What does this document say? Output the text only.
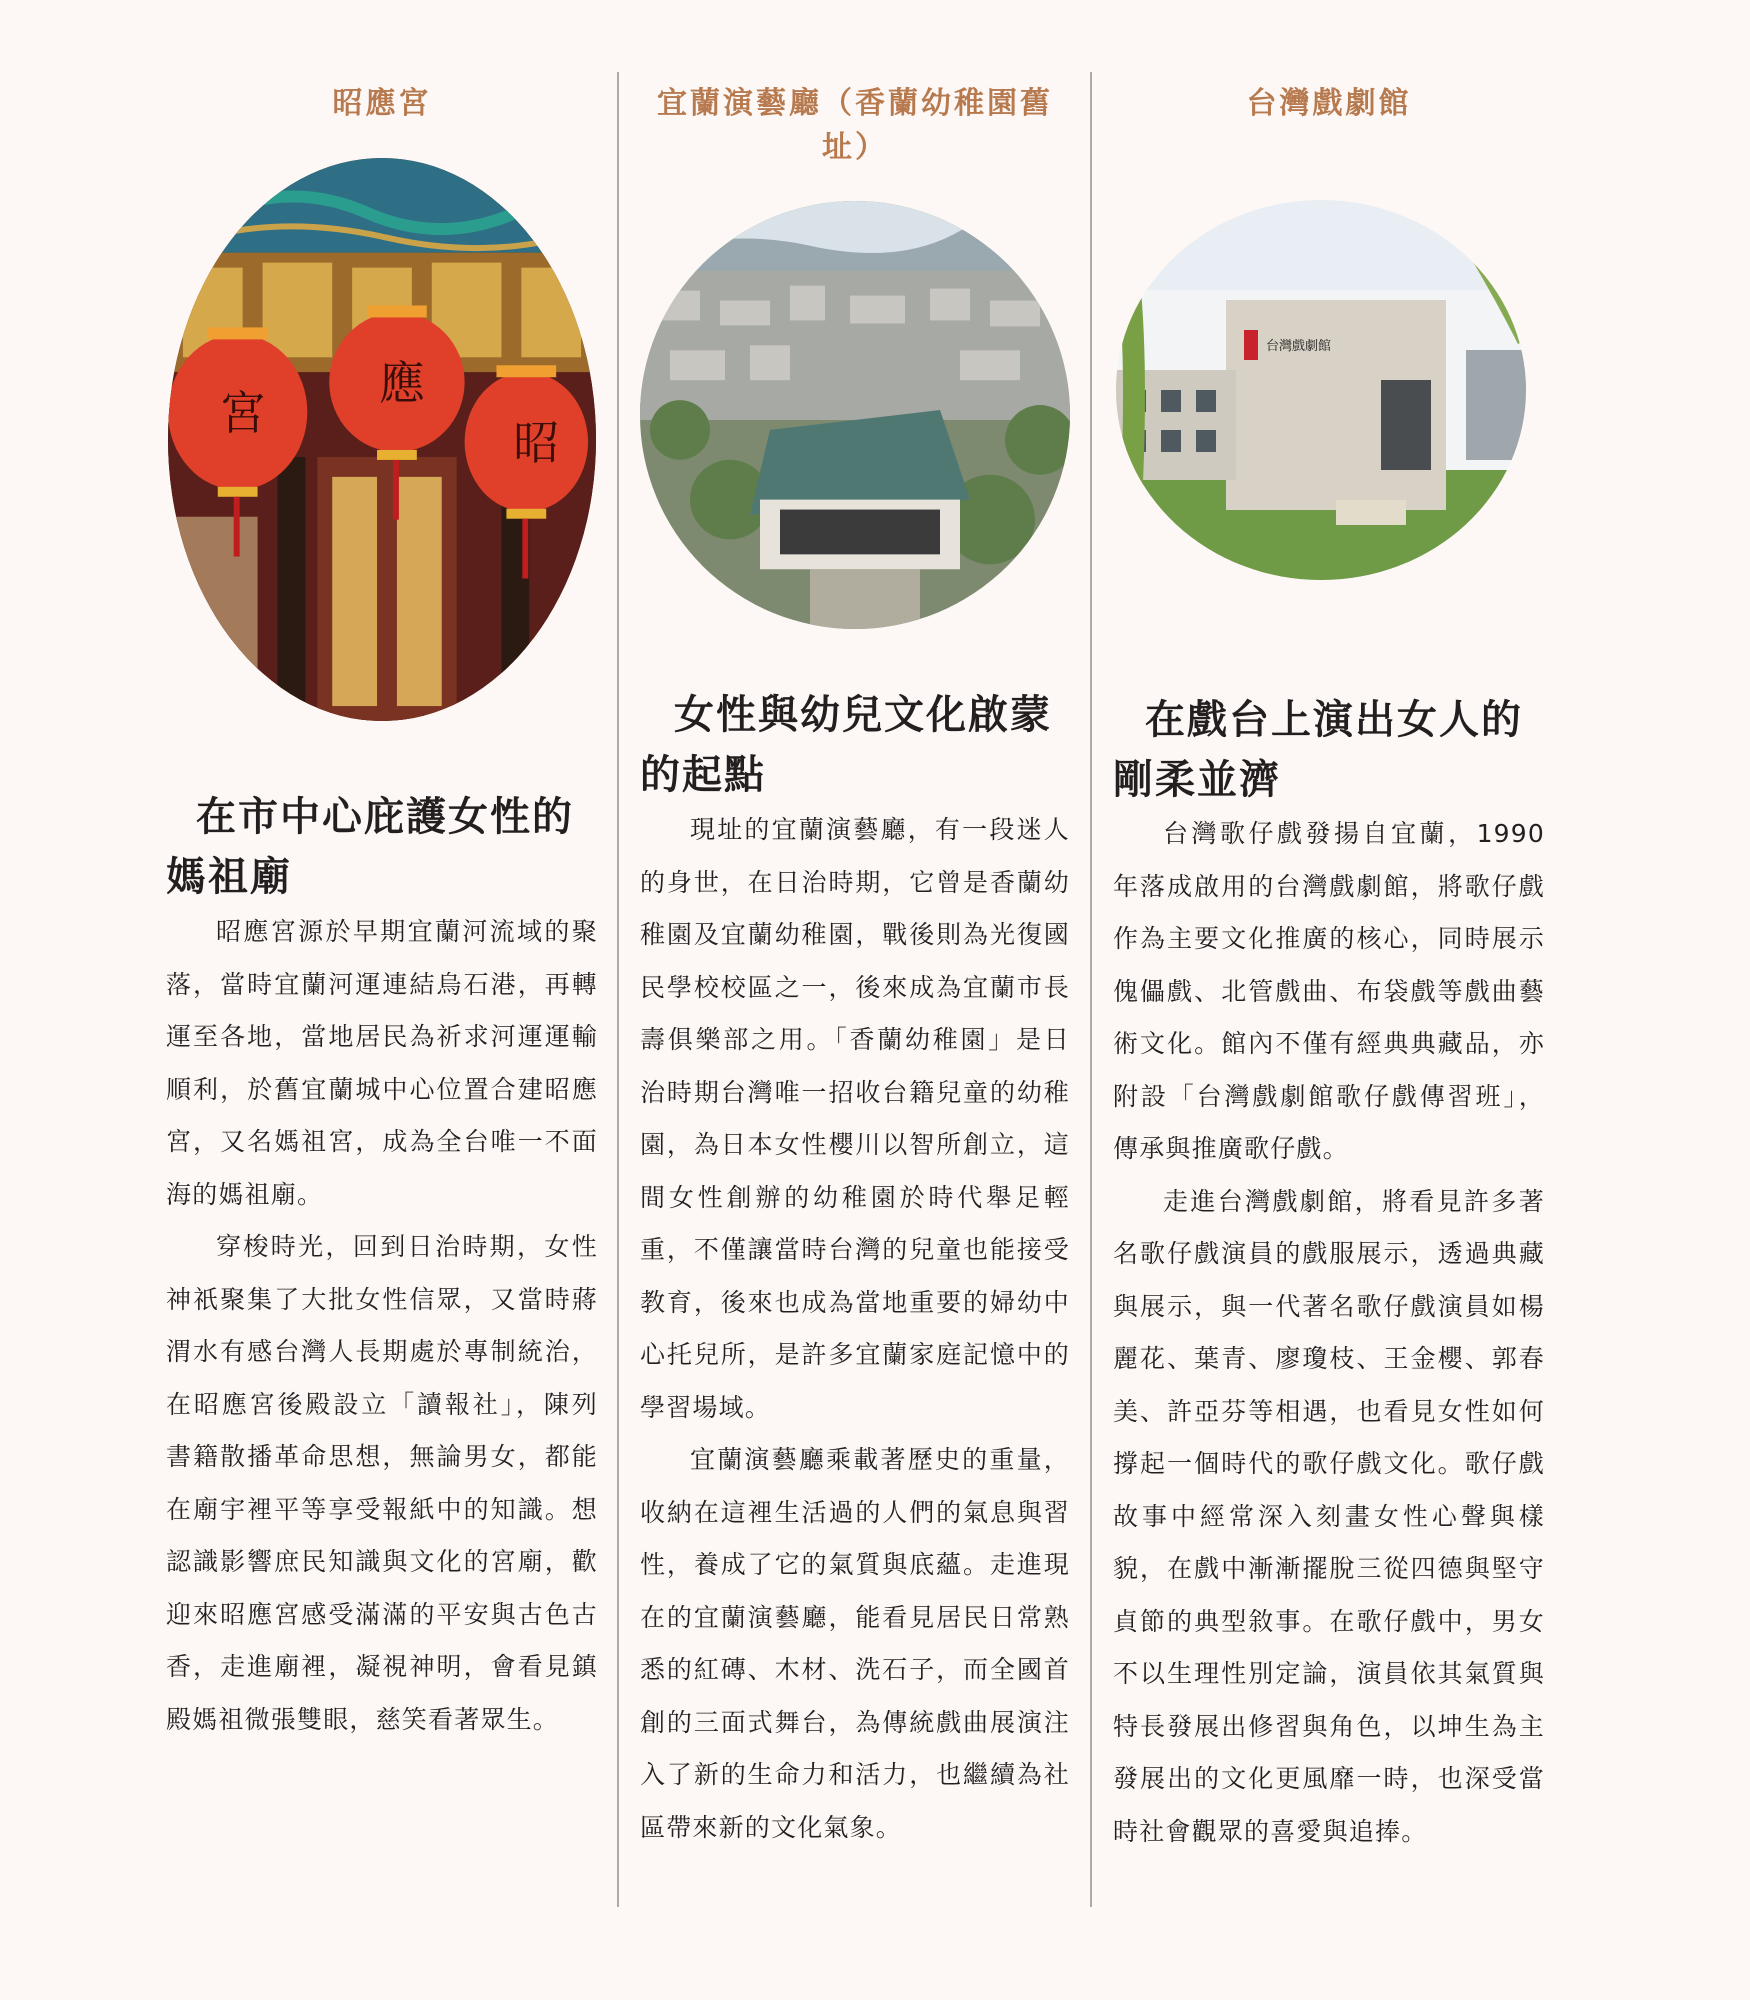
昭應宮
宮
應
昭
在市中心庇護女性的媽祖廟

昭應宮源於早期宜蘭河流域的聚落，當時宜蘭河運連結烏石港，再轉運至各地，當地居民為祈求河運運輸順利，於舊宜蘭城中心位置合建昭應宮，又名媽祖宮，成為全台唯一不面海的媽祖廟。

穿梭時光，回到日治時期，女性神祇聚集了大批女性信眾，又當時蔣渭水有感台灣人長期處於專制統治，在昭應宮後殿設立「讀報社」，陳列書籍散播革命思想，無論男女，都能在廟宇裡平等享受報紙中的知識。想認識影響庶民知識與文化的宮廟，歡迎來昭應宮感受滿滿的平安與古色古香，走進廟裡，凝視神明，會看見鎮殿媽祖微張雙眼，慈笑看著眾生。

宜蘭演藝廳（香蘭幼稚園舊址）
女性與幼兒文化啟蒙的起點

現址的宜蘭演藝廳，有一段迷人的身世，在日治時期，它曾是香蘭幼稚園及宜蘭幼稚園，戰後則為光復國民學校校區之一，後來成為宜蘭市長壽俱樂部之用。「香蘭幼稚園」是日治時期台灣唯一招收台籍兒童的幼稚園，為日本女性櫻川以智所創立，這間女性創辦的幼稚園於時代舉足輕重，不僅讓當時台灣的兒童也能接受教育，後來也成為當地重要的婦幼中心托兒所，是許多宜蘭家庭記憶中的學習場域。

宜蘭演藝廳乘載著歷史的重量，收納在這裡生活過的人們的氣息與習性，養成了它的氣質與底蘊。走進現在的宜蘭演藝廳，能看見居民日常熟悉的紅磚、木材、洗石子，而全國首創的三面式舞台，為傳統戲曲展演注入了新的生命力和活力，也繼續為社區帶來新的文化氣象。

台灣戲劇館
台灣戲劇館
在戲台上演出女人的剛柔並濟

台灣歌仔戲發揚自宜蘭，1990年落成啟用的台灣戲劇館，將歌仔戲作為主要文化推廣的核心，同時展示傀儡戲、北管戲曲、布袋戲等戲曲藝術文化。館內不僅有經典典藏品，亦附設「台灣戲劇館歌仔戲傳習班」，傳承與推廣歌仔戲。

走進台灣戲劇館，將看見許多著名歌仔戲演員的戲服展示，透過典藏與展示，與一代著名歌仔戲演員如楊麗花、葉青、廖瓊枝、王金櫻、郭春美、許亞芬等相遇，也看見女性如何撐起一個時代的歌仔戲文化。歌仔戲故事中經常深入刻畫女性心聲與樣貌，在戲中漸漸擺脫三從四德與堅守貞節的典型敘事。在歌仔戲中，男女不以生理性別定論，演員依其氣質與特長發展出修習與角色，以坤生為主發展出的文化更風靡一時，也深受當時社會觀眾的喜愛與追捧。
